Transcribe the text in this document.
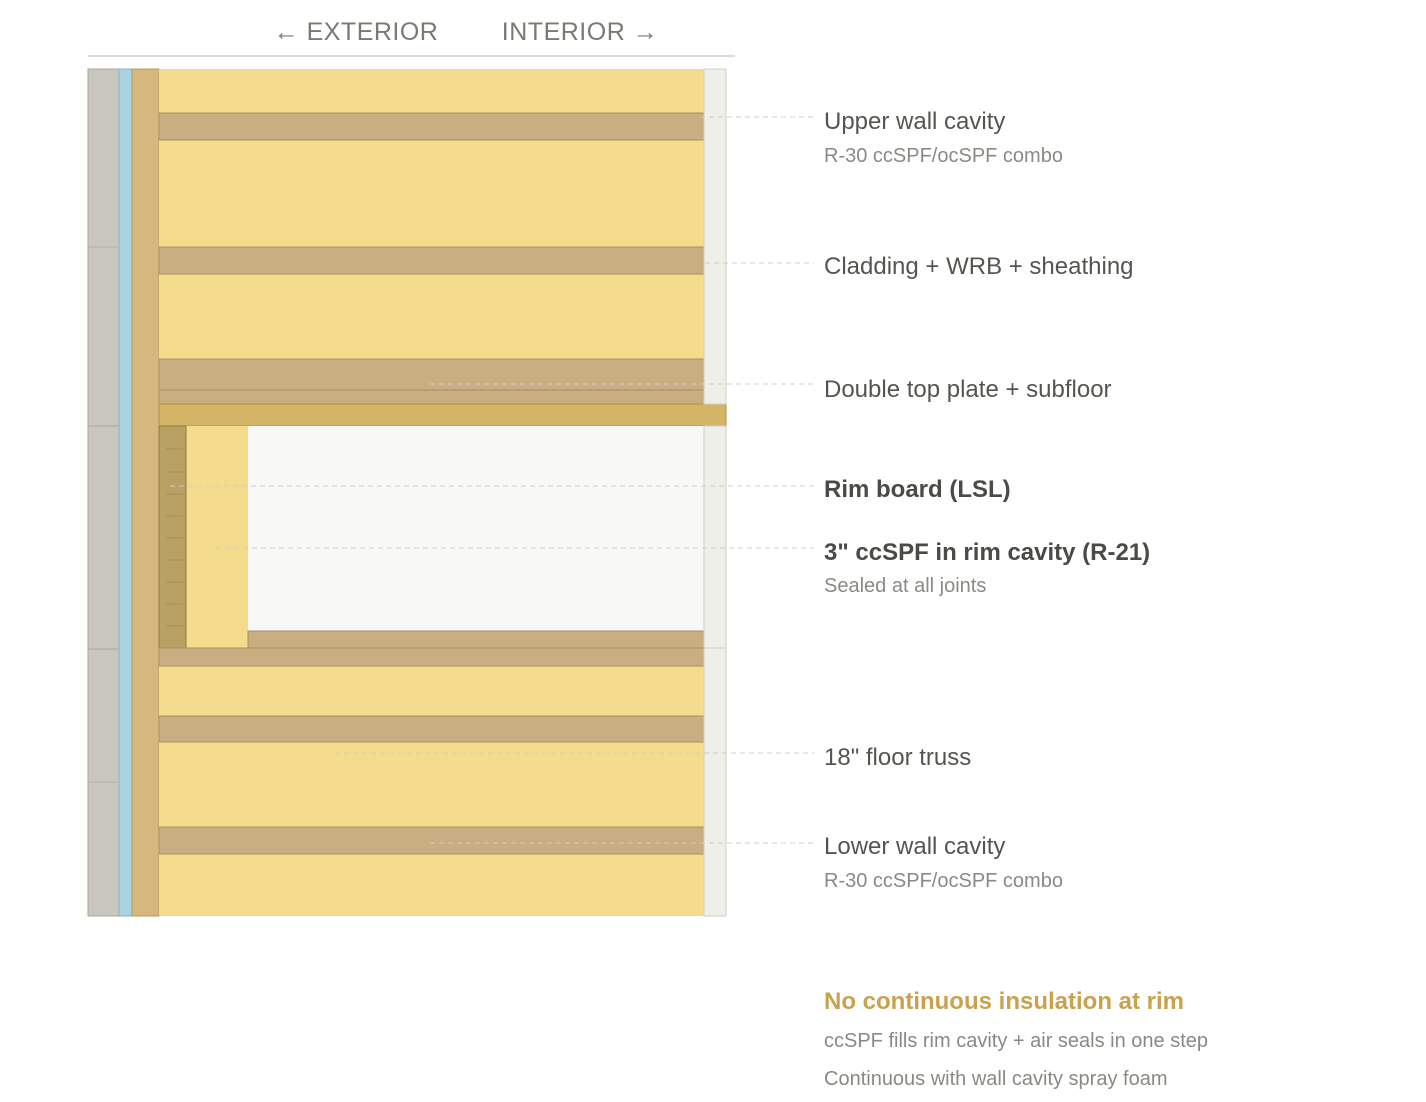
← EXTERIOR	INTERIOR →
Upper wall cavity
R-30 ccSPF/ocSPF combo
Cladding + WRB + sheathing
Double top plate + subfloor
Rim board (LSL)
3" ccSPF in rim cavity (R-21)
Sealed at all joints
18" floor truss
Lower wall cavity
R-30 ccSPF/ocSPF combo
No continuous insulation at rim
ccSPF fills rim cavity + air seals in one step
Continuous with wall cavity spray foam
